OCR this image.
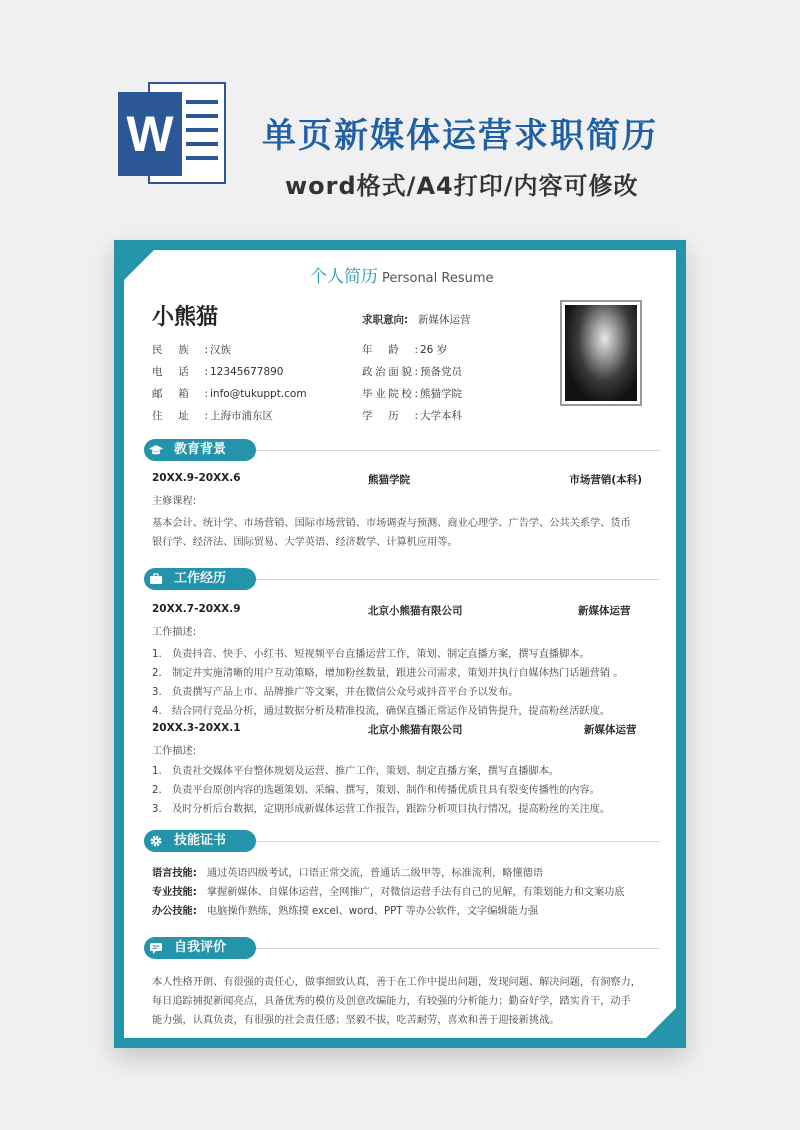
W	单页新媒体运营求职简历
word格式/A4打印/内容可修改
个人简历 Personal Resume
小熊猫
民族: 汉族
电话: 12345677890
邮箱: info@tukuppt.com
住址: 上海市浦东区
求职意向: 新媒体运营
年龄: 26 岁
政治面貌: 预备党员
毕业院校: 熊猫学院
学历: 大学本科
教育背景
20XX.9-20XX.6	熊猫学院	市场营销(本科)
主修课程:
基本会计、统计学、市场营销、国际市场营销、市场调查与预测、商业心理学、广告学、公共关系学、货币
银行学、经济法、国际贸易、大学英语、经济数学、计算机应用等。
工作经历
20XX.7-20XX.9	北京小熊猫有限公司	新媒体运营
工作描述:
1. 负责抖音、快手、小红书、短视频平台直播运营工作，策划、制定直播方案，撰写直播脚本。
2. 制定并实施清晰的用户互动策略，增加粉丝数量，跟进公司需求，策划并执行自媒体热门话题营销 。
3. 负责撰写产品上市、品牌推广等文案，并在微信公众号或抖音平台予以发布。
4. 结合同行竞品分析，通过数据分析及精准投流，确保直播正常运作及销售提升，提高粉丝活跃度。
20XX.3-20XX.1	北京小熊猫有限公司	新媒体运营
工作描述:
1. 负责社交媒体平台整体规划及运营、推广工作，策划、制定直播方案，撰写直播脚本。
2. 负责平台原创内容的选题策划、采编、撰写，策划、制作和传播优质且具有裂变传播性的内容。
3. 及时分析后台数据，定期形成新媒体运营工作报告，跟踪分析项目执行情况，提高粉丝的关注度。
技能证书
语言技能: 通过英语四级考试，口语正常交流，普通话二级甲等，标准流利，略懂德语
专业技能: 掌握新媒体、自媒体运营，全网推广，对微信运营手法有自己的见解，有策划能力和文案功底
办公技能: 电脑操作熟练，熟练摸 excel、word、PPT 等办公软件，文字编辑能力强
自我评价
本人性格开朗、有很强的责任心，做事细致认真，善于在工作中提出问题，发现问题、解决问题，有洞察力，
每日追踪捕捉新闻亮点，具备优秀的模仿及创意改编能力，有较强的分析能力；勤奋好学，踏实肯干，动手
能力强，认真负责，有很强的社会责任感；坚毅不拔，吃苦耐劳，喜欢和善于迎接新挑战。
